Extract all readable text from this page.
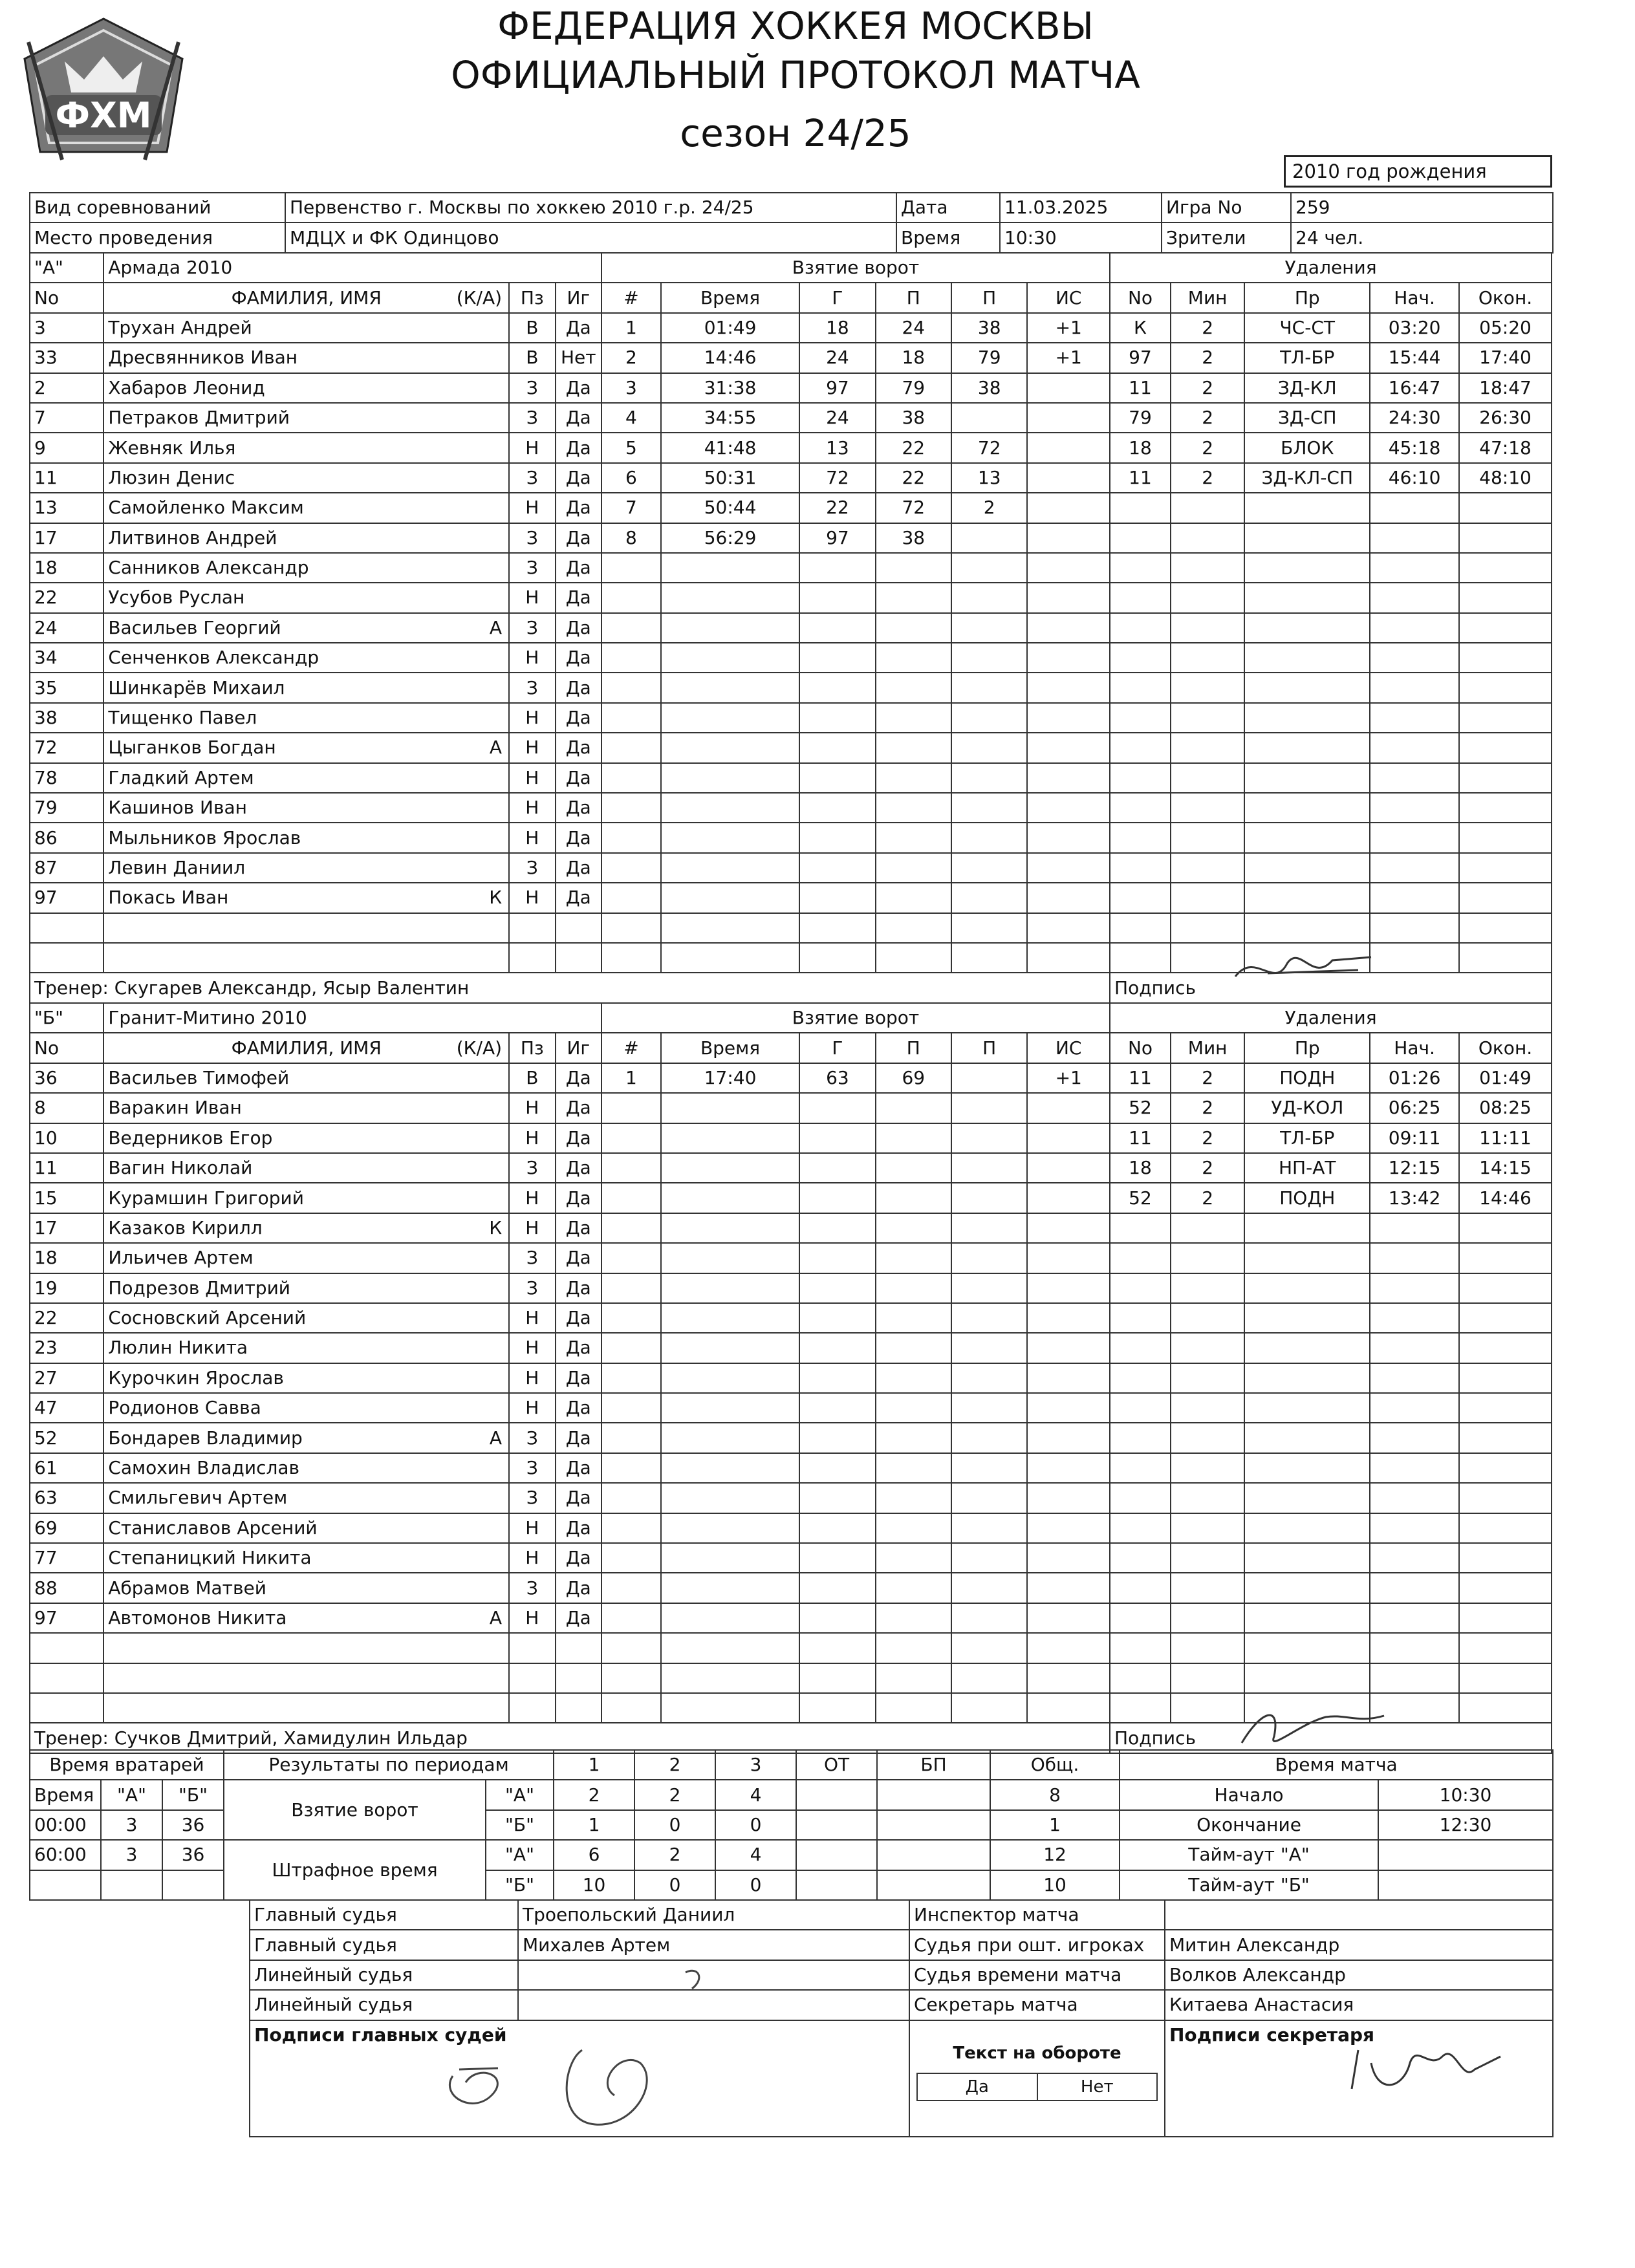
ФХМ
ФЕДЕРАЦИЯ ХОККЕЯ МОСКВЫ
ОФИЦИАЛЬНЫЙ ПРОТОКОЛ МАТЧА
сезон 24/25
2010 год рождения
Вид соревнований	Первенство г. Москвы по хоккею 2010 г.р. 24/25	Дата	11.03.2025	Игра No	259
Место проведения	МДЦХ и ФК Одинцово	Время	10:30	Зрители	24 чел.
"А"	Армада 2010			Взятие ворот						Удаления				
No	ФАМИЛИЯ, ИМЯ (К/А)	Пз	Иг	#	Время	Г	П	П	ИС	No	Мин	Пр	Нач.	Окон.
3	Трухан Андрей	В	Да	1	01:49	18	24	38	+1	К	2	ЧС-СТ	03:20	05:20
33	Дресвянников Иван	В	Нет	2	14:46	24	18	79	+1	97	2	ТЛ-БР	15:44	17:40
2	Хабаров Леонид	З	Да	3	31:38	97	79	38		11	2	ЗД-КЛ	16:47	18:47
7	Петраков Дмитрий	З	Да	4	34:55	24	38			79	2	ЗД-СП	24:30	26:30
9	Жевняк Илья	Н	Да	5	41:48	13	22	72		18	2	БЛОК	45:18	47:18
11	Люзин Денис	З	Да	6	50:31	72	22	13		11	2	ЗД-КЛ-СП	46:10	48:10
13	Самойленко Максим	Н	Да	7	50:44	22	72	2						
17	Литвинов Андрей	З	Да	8	56:29	97	38							
18	Санников Александр	З	Да											
22	Усубов Руслан	Н	Да											
24	Васильев Георгий А	З	Да											
34	Сенченков Александр	Н	Да											
35	Шинкарёв Михаил	З	Да											
38	Тищенко Павел	Н	Да											
72	Цыганков Богдан А	Н	Да											
78	Гладкий Артем	Н	Да											
79	Кашинов Иван	Н	Да											
86	Мыльников Ярослав	Н	Да											
87	Левин Даниил	З	Да											
97	Покась Иван К	Н	Да											

Тренер: Скугарев Александр, Ясыр Валентин										Подпись				
"Б"	Гранит-Митино 2010			Взятие ворот						Удаления				
No	ФАМИЛИЯ, ИМЯ (К/А)	Пз	Иг	#	Время	Г	П	П	ИС	No	Мин	Пр	Нач.	Окон.
36	Васильев Тимофей	В	Да	1	17:40	63	69		+1	11	2	ПОДН	01:26	01:49
8	Варакин Иван	Н	Да							52	2	УД-КОЛ	06:25	08:25
10	Ведерников Егор	Н	Да							11	2	ТЛ-БР	09:11	11:11
11	Вагин Николай	З	Да							18	2	НП-АТ	12:15	14:15
15	Курамшин Григорий	Н	Да							52	2	ПОДН	13:42	14:46
17	Казаков Кирилл К	Н	Да											
18	Ильичев Артем	З	Да											
19	Подрезов Дмитрий	З	Да											
22	Сосновский Арсений	Н	Да											
23	Люлин Никита	Н	Да											
27	Курочкин Ярослав	Н	Да											
47	Родионов Савва	Н	Да											
52	Бондарев Владимир А	З	Да											
61	Самохин Владислав	З	Да											
63	Смильгевич Артем	З	Да											
69	Станиславов Арсений	Н	Да											
77	Степаницкий Никита	Н	Да											
88	Абрамов Матвей	З	Да											
97	Автомонов Никита А	Н	Да											

Тренер: Сучков Дмитрий, Хамидулин Ильдар										Подпись				
Время вратарей			Результаты по периодам		1	2	3	ОТ	БП	Общ.	Время матча	
Время	"А"	"Б"	Взятие ворот	"А"	2	2	4			8	Начало	10:30
00:00	3	36		"Б"	1	0	0			1	Окончание	12:30
60:00	3	36	Штрафное время	"А"	6	2	4			12	Тайм-аут "А"	
				"Б"	10	0	0			10	Тайм-аут "Б"	
Главный судья	Троепольский Даниил	Инспектор матча	
Главный судья	Михалев Артем	Судья при ошт. игроках	Митин Александр
Линейный судья		Судья времени матча	Волков Александр
Линейный судья		Секретарь матча	Китаева Анастасия
Подписи главных судей		Текст на обороте
Да Нет	Подписи секретаря
